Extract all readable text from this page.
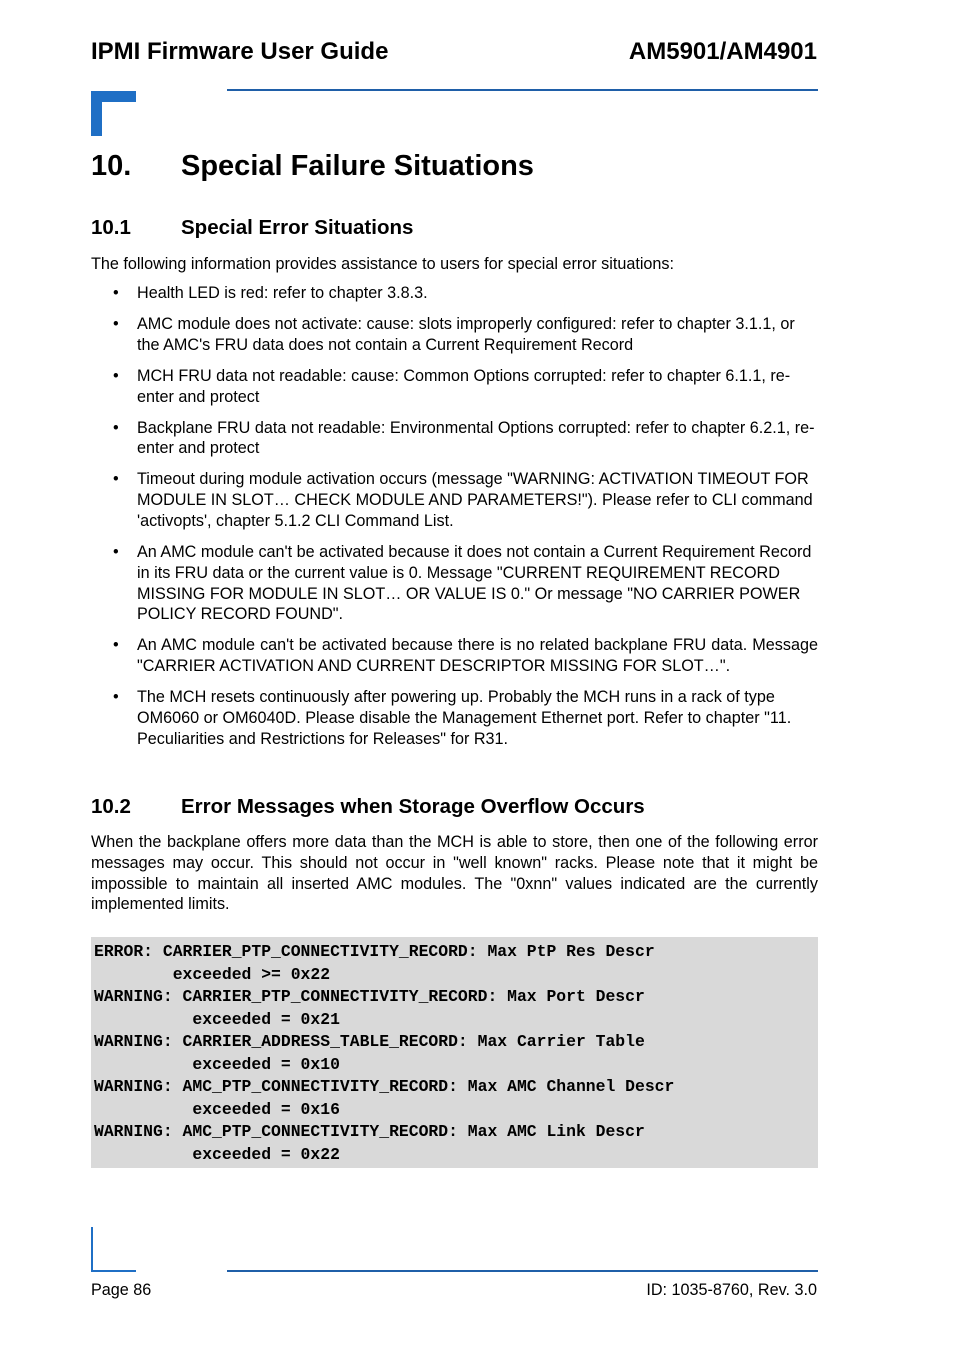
IPMI Firmware User Guide	AM5901/AM4901
10. Special Failure Situations
10.1 Special Error Situations
The following information provides assistance to users for special error situations:
• Health LED is red: refer to chapter 3.8.3.
• AMC module does not activate: cause: slots improperly configured: refer to chapter 3.1.1, or the AMC's FRU data does not contain a Current Requirement Record
• MCH FRU data not readable: cause: Common Options corrupted: refer to chapter 6.1.1, re-enter and protect
• Backplane FRU data not readable: Environmental Options corrupted: refer to chapter 6.2.1, re-enter and protect
• Timeout during module activation occurs (message "WARNING: ACTIVATION TIMEOUT FOR MODULE IN SLOT… CHECK MODULE AND PARAMETERS!"). Please refer to CLI command 'activopts', chapter 5.1.2 CLI Command List.
• An AMC module can't be activated because it does not contain a Current Requirement Record in its FRU data or the current value is 0. Message "CURRENT REQUIREMENT RECORD MISSING FOR MODULE IN SLOT… OR VALUE IS 0." Or message "NO CARRIER POWER POLICY RECORD FOUND".
• An AMC module can't be activated because there is no related backplane FRU data. Message "CARRIER ACTIVATION AND CURRENT DESCRIPTOR MISSING FOR SLOT…".
• The MCH resets continuously after powering up. Probably the MCH runs in a rack of type OM6060 or OM6040D. Please disable the Management Ethernet port. Refer to chapter "11. Peculiarities and Restrictions for Releases" for R31.
10.2 Error Messages when Storage Overflow Occurs
When the backplane offers more data than the MCH is able to store, then one of the following error messages may occur. This should not occur in "well known" racks. Please note that it might be impossible to maintain all inserted AMC modules. The "0xnn" values indicated are the currently implemented limits.
ERROR: CARRIER_PTP_CONNECTIVITY_RECORD: Max PtP Res Descr
exceeded >= 0x22
WARNING: CARRIER_PTP_CONNECTIVITY_RECORD: Max Port Descr
exceeded = 0x21
WARNING: CARRIER_ADDRESS_TABLE_RECORD: Max Carrier Table
exceeded = 0x10
WARNING: AMC_PTP_CONNECTIVITY_RECORD: Max AMC Channel Descr
exceeded = 0x16
WARNING: AMC_PTP_CONNECTIVITY_RECORD: Max AMC Link Descr
exceeded = 0x22
Page 86	ID: 1035-8760, Rev. 3.0
